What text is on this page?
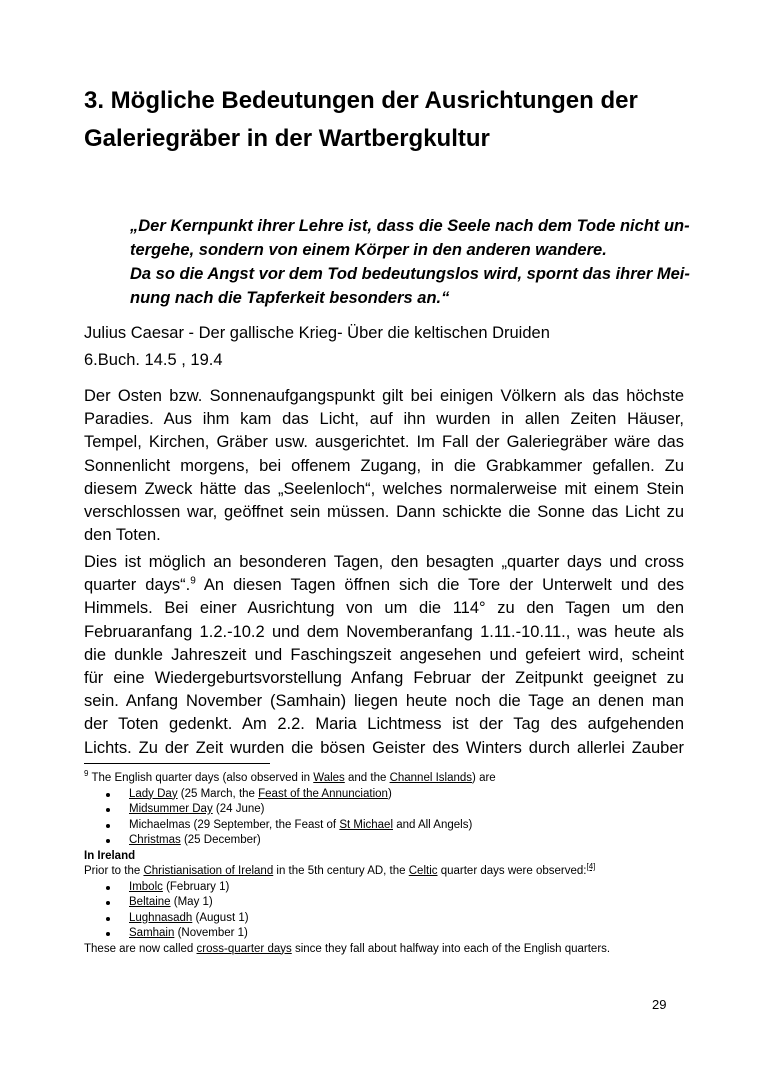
3. Mögliche Bedeutungen der Ausrichtungen der
Galeriegräber in der Wartbergkultur
„Der Kernpunkt ihrer Lehre ist, dass die Seele nach dem Tode nicht un-
tergehe, sondern von einem Körper in den anderen wandere.
Da so die Angst vor dem Tod bedeutungslos wird, spornt das ihrer Mei-
nung nach die Tapferkeit besonders an.“
Julius Caesar - Der gallische Krieg- Über die keltischen Druiden
6.Buch. 14.5 , 19.4
Der Osten bzw. Sonnenaufgangspunkt gilt bei einigen Völkern als das höchste
Paradies. Aus ihm kam das Licht, auf ihn wurden in allen Zeiten Häuser,
Tempel, Kirchen, Gräber usw. ausgerichtet. Im Fall der Galeriegräber wäre das
Sonnenlicht morgens, bei offenem Zugang, in die Grabkammer gefallen. Zu
diesem Zweck hätte das „Seelenloch“, welches normalerweise mit einem Stein
verschlossen war, geöffnet sein müssen. Dann schickte die Sonne das Licht zu
den Toten.
Dies ist möglich an besonderen Tagen, den besagten „quarter days und cross
quarter days“.$^9$ An diesen Tagen öffnen sich die Tore der Unterwelt und des
Himmels. Bei einer Ausrichtung von um die 114° zu den Tagen um den
Februaranfang 1.2.-10.2 und dem Novemberanfang 1.11.-10.11., was heute als
die dunkle Jahreszeit und Faschingszeit angesehen und gefeiert wird, scheint
für eine Wiedergeburtsvorstellung Anfang Februar der Zeitpunkt geeignet zu
sein. Anfang November (Samhain) liegen heute noch die Tage an denen man
der Toten gedenkt. Am 2.2. Maria Lichtmess ist der Tag des aufgehenden
Lichts. Zu der Zeit wurden die bösen Geister des Winters durch allerlei Zauber
$^9$ The English quarter days (also observed in Wales and the Channel Islands) are
Lady Day (25 March, the Feast of the Annunciation)
Midsummer Day (24 June)
Michaelmas (29 September, the Feast of St Michael and All Angels)
Christmas (25 December)
In Ireland
Prior to the Christianisation of Ireland in the 5th century AD, the Celtic quarter days were observed:[4]
Imbolc (February 1)
Beltaine (May 1)
Lughnasadh (August 1)
Samhain (November 1)
These are now called cross-quarter days since they fall about halfway into each of the English quarters.
29
